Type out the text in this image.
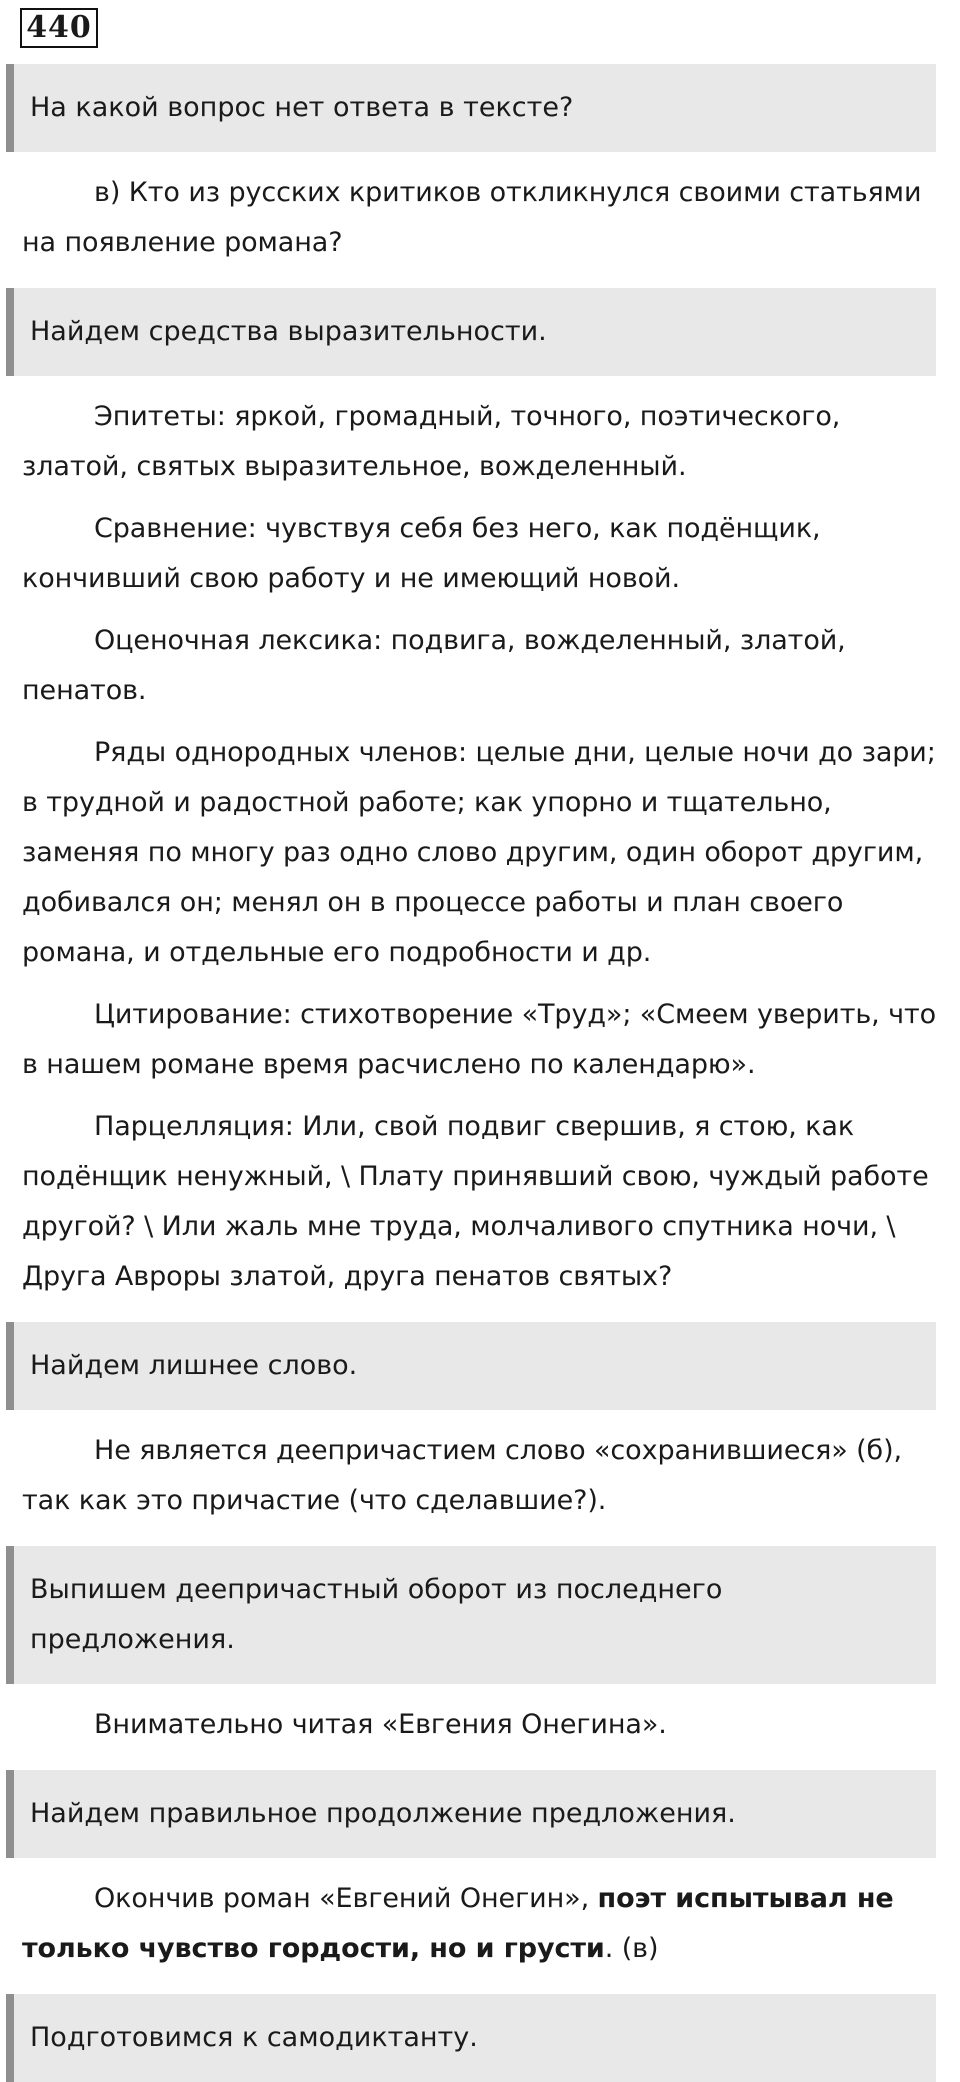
440
На какой вопрос нет ответа в тексте?

в) Кто из русских критиков откликнулся своими статьями на появление романа?

Найдем средства выразительности.

Эпитеты: яркой, громадный, точного, поэтического, златой, святых выразительное, вожделенный.

Сравнение: чувствуя себя без него, как подёнщик, кончивший свою работу и не имеющий новой.

Оценочная лексика: подвига, вожделенный, златой, пенатов.

Ряды однородных членов: целые дни, целые ночи до зари; в трудной и радостной работе; как упорно и тщательно, заменяя по многу раз одно слово другим, один оборот другим, добивался он; менял он в процессе работы и план своего романа, и отдельные его подробности и др.

Цитирование: стихотворение «Труд»; «Смеем уверить, что в нашем романе время расчислено по календарю».

Парцелляция: Или, свой подвиг свершив, я стою, как подёнщик ненужный, \ Плату принявший свою, чуждый работе другой? \ Или жаль мне труда, молчаливого спутника ночи, \ Друга Авроры златой, друга пенатов святых?

Найдем лишнее слово.

Не является деепричастием слово «сохранившиеся» (б), так как это причастие (что сделавшие?).

Выпишем деепричастный оборот из последнего предложения.

Внимательно читая «Евгения Онегина».

Найдем правильное продолжение предложения.

Окончив роман «Евгений Онегин», поэт испытывал не только чувство гордости, но и грусти. (в)

Подготовимся к самодиктанту.
